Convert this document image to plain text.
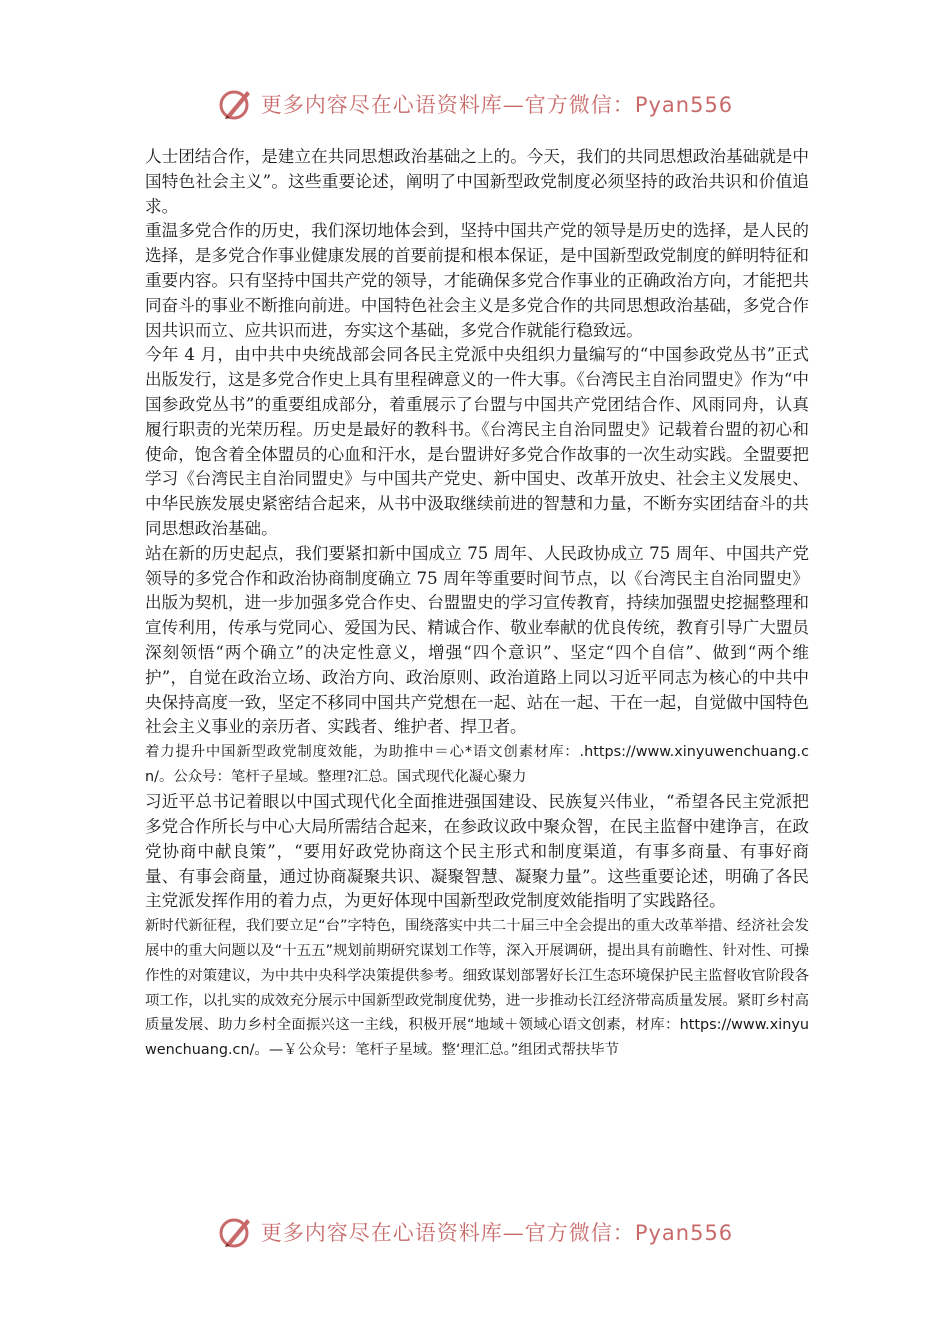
更多内容尽在心语资料库—官方微信：Pyan556

人士团结合作，是建立在共同思想政治基础之上的。今天，我们的共同思想政治基础就是中国特色社会主义”。这些重要论述，阐明了中国新型政党制度必须坚持的政治共识和价值追求。

重温多党合作的历史，我们深切地体会到，坚持中国共产党的领导是历史的选择，是人民的选择，是多党合作事业健康发展的首要前提和根本保证，是中国新型政党制度的鲜明特征和重要内容。只有坚持中国共产党的领导，才能确保多党合作事业的正确政治方向，才能把共同奋斗的事业不断推向前进。中国特色社会主义是多党合作的共同思想政治基础，多党合作因共识而立、应共识而进，夯实这个基础，多党合作就能行稳致远。

今年 4 月，由中共中央统战部会同各民主党派中央组织力量编写的“中国参政党丛书”正式出版发行，这是多党合作史上具有里程碑意义的一件大事。《台湾民主自治同盟史》作为“中国参政党丛书”的重要组成部分，着重展示了台盟与中国共产党团结合作、风雨同舟，认真履行职责的光荣历程。历史是最好的教科书。《台湾民主自治同盟史》记载着台盟的初心和使命，饱含着全体盟员的心血和汗水，是台盟讲好多党合作故事的一次生动实践。全盟要把学习《台湾民主自治同盟史》与中国共产党史、新中国史、改革开放史、社会主义发展史、中华民族发展史紧密结合起来，从书中汲取继续前进的智慧和力量，不断夯实团结奋斗的共同思想政治基础。

站在新的历史起点，我们要紧扣新中国成立 75 周年、人民政协成立 75 周年、中国共产党领导的多党合作和政治协商制度确立 75 周年等重要时间节点，以《台湾民主自治同盟史》出版为契机，进一步加强多党合作史、台盟盟史的学习宣传教育，持续加强盟史挖掘整理和宣传利用，传承与党同心、爱国为民、精诚合作、敬业奉献的优良传统，教育引导广大盟员深刻领悟“两个确立”的决定性意义，增强“四个意识”、坚定“四个自信”、做到“两个维护”，自觉在政治立场、政治方向、政治原则、政治道路上同以习近平同志为核心的中共中央保持高度一致，坚定不移同中国共产党想在一起、站在一起、干在一起，自觉做中国特色社会主义事业的亲历者、实践者、维护者、捍卫者。

着力提升中国新型政党制度效能，为助推中＝心*语文创素材库：.https://www.xinyuwenchuang.cn/。公众号：笔杆子星域。整理?汇总。国式现代化凝心聚力

习近平总书记着眼以中国式现代化全面推进强国建设、民族复兴伟业，“希望各民主党派把多党合作所长与中心大局所需结合起来，在参政议政中聚众智，在民主监督中建诤言，在政党协商中献良策”，“要用好政党协商这个民主形式和制度渠道，有事多商量、有事好商量、有事会商量，通过协商凝聚共识、凝聚智慧、凝聚力量”。这些重要论述，明确了各民主党派发挥作用的着力点，为更好体现中国新型政党制度效能指明了实践路径。

新时代新征程，我们要立足“台”字特色，围绕落实中共二十届三中全会提出的重大改革举措、经济社会发展中的重大问题以及“十五五”规划前期研究谋划工作等，深入开展调研，提出具有前瞻性、针对性、可操作性的对策建议，为中共中央科学决策提供参考。细致谋划部署好长江生态环境保护民主监督收官阶段各项工作，以扎实的成效充分展示中国新型政党制度优势，进一步推动长江经济带高质量发展。紧盯乡村高质量发展、助力乡村全面振兴这一主线，积极开展“地域＋领域心语文创素，材库：https://www.xinyuwenchuang.cn/。—￥公众号：笔杆子星域。整‘理汇总。”组团式帮扶毕节

更多内容尽在心语资料库—官方微信：Pyan556
